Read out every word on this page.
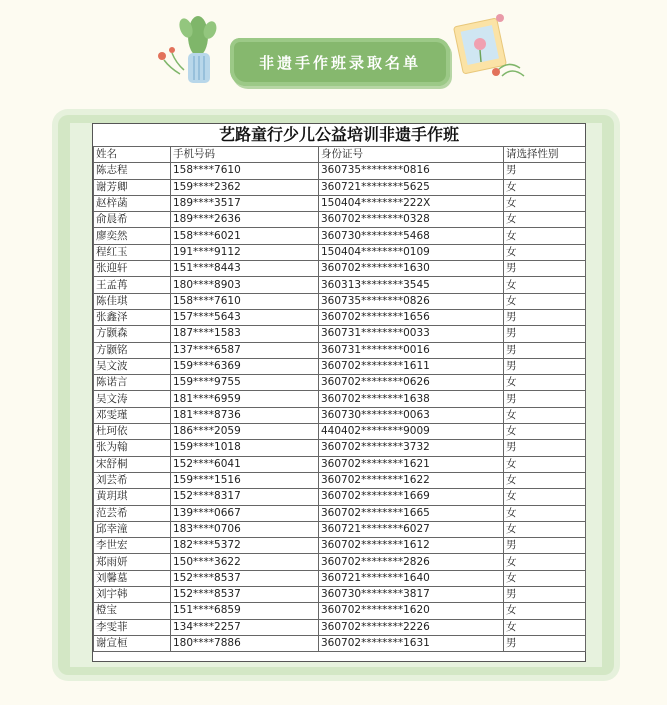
非遗手作班录取名单
艺路童行少儿公益培训非遗手作班
姓名	手机号码	身份证号	请选择性别
陈志程	158****7610	360735********0816	男
谢芳卿	159****2362	360721********5625	女
赵梓菡	189****3517	150404********222X	女
俞晨希	189****2636	360702********0328	女
廖奕然	158****6021	360730********5468	女
程红玉	191****9112	150404********0109	女
张迎轩	151****8443	360702********1630	男
王孟苒	180****8903	360313********3545	女
陈佳琪	158****7610	360735********0826	女
张鑫泽	157****5643	360702********1656	男
方颢森	187****1583	360731********0033	男
方颢铭	137****6587	360731********0016	男
吴文波	159****6369	360702********1611	男
陈诺言	159****9755	360702********0626	女
吴文涛	181****6959	360702********1638	男
邓雯瑾	181****8736	360730********0063	女
杜珂依	186****2059	440402********9009	女
张为翰	159****1018	360702********3732	男
宋舒桐	152****6041	360702********1621	女
刘芸希	159****1516	360702********1622	女
黄玥琪	152****8317	360702********1669	女
范芸希	139****0667	360702********1665	女
邱幸潼	183****0706	360721********6027	女
李世宏	182****5372	360702********1612	男
郑雨妍	150****3622	360702********2826	女
刘馨墓	152****8537	360721********1640	女
刘宇韩	152****8537	360730********3817	男
橙宝	151****6859	360702********1620	女
李雯菲	134****2257	360702********2226	女
谢宣桓	180****7886	360702********1631	男
